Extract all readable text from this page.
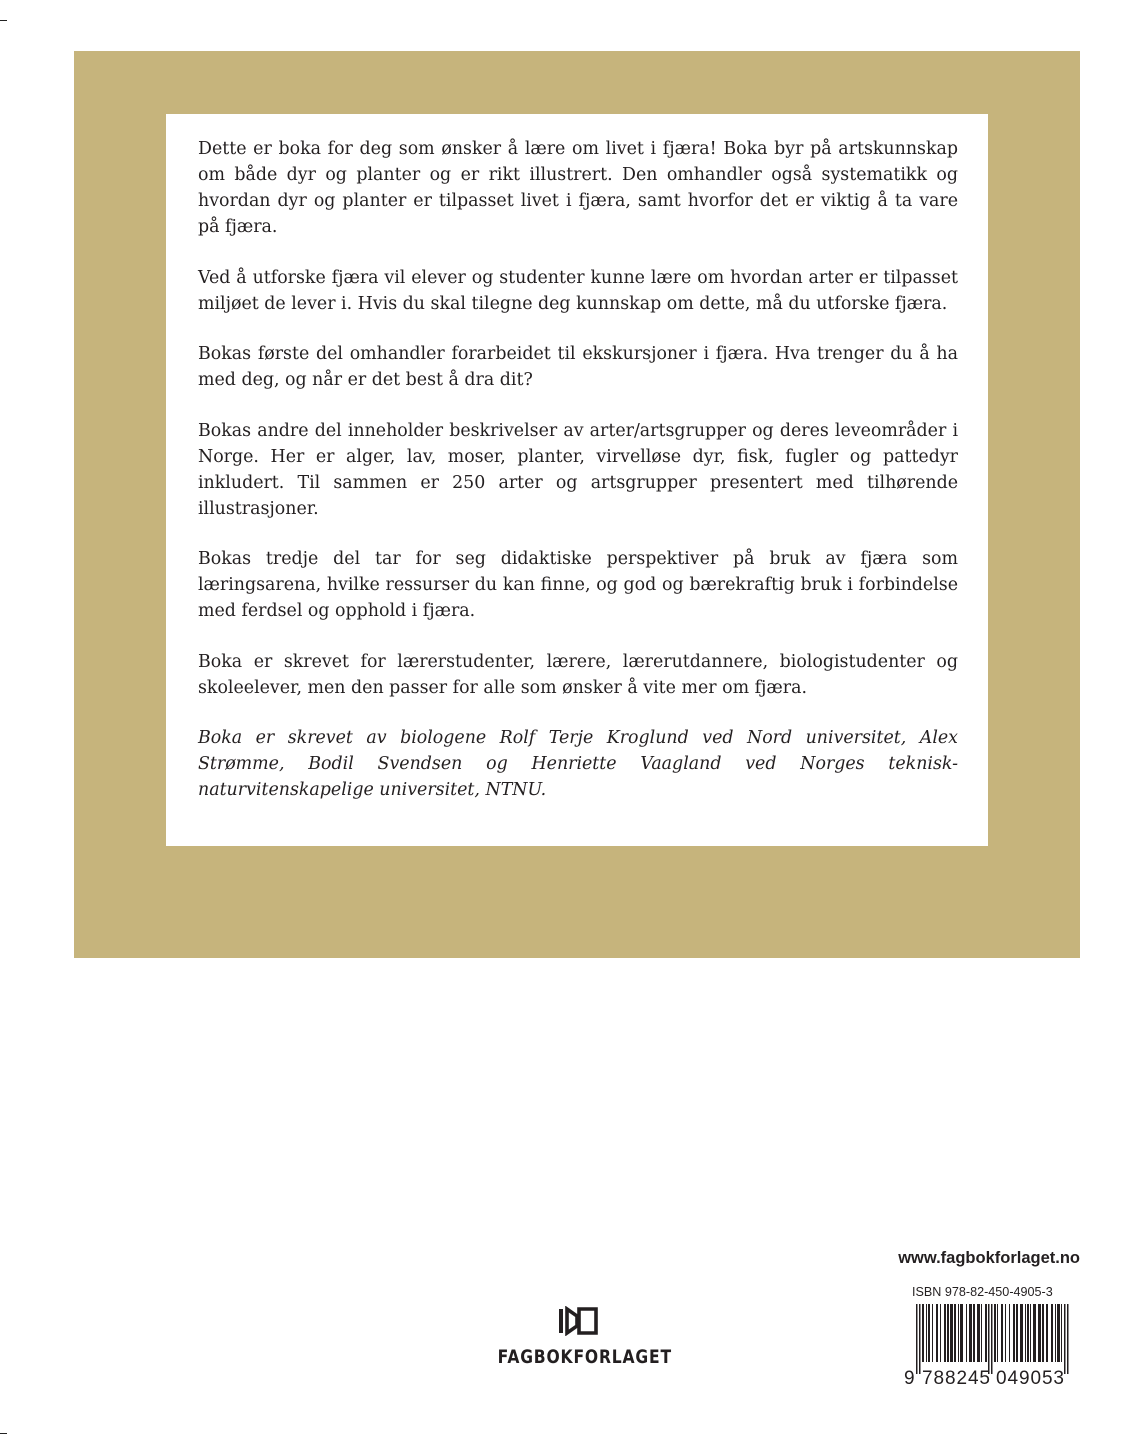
Dette er boka for deg som ønsker å lære om livet i fjæra! Boka byr på artskunnskap om både dyr og planter og er rikt illustrert. Den omhandler også systematikk og hvordan dyr og planter er tilpasset livet i fjæra, samt hvorfor det er viktig å ta vare på fjæra.

Ved å utforske fjæra vil elever og studenter kunne lære om hvordan arter er tilpasset miljøet de lever i. Hvis du skal tilegne deg kunnskap om dette, må du utforske fjæra.

Bokas første del omhandler forarbeidet til ekskursjoner i fjæra. Hva trenger du å ha med deg, og når er det best å dra dit?

Bokas andre del inneholder beskrivelser av arter/artsgrupper og deres leveområder i Norge. Her er alger, lav, moser, planter, virvelløse dyr, fisk, fugler og pattedyr inkludert. Til sammen er 250 arter og artsgrupper presentert med tilhørende illustrasjoner.

Bokas tredje del tar for seg didaktiske perspektiver på bruk av fjæra som læringsarena, hvilke ressurser du kan finne, og god og bærekraftig bruk i forbindelse med ferdsel og opphold i fjæra.

Boka er skrevet for lærerstudenter, lærere, lærerutdannere, biologistudenter og skoleelever, men den passer for alle som ønsker å vite mer om fjæra.

Boka er skrevet av biologene Rolf Terje Kroglund ved Nord universitet, Alex Strømme, Bodil Svendsen og Henriette Vaagland ved Norges teknisk-naturvitenskapelige universitet, NTNU.

www.fagbokforlaget.no
ISBN 978-82-450-4905-3
9 788245 049053
FAGBOKFORLAGET
